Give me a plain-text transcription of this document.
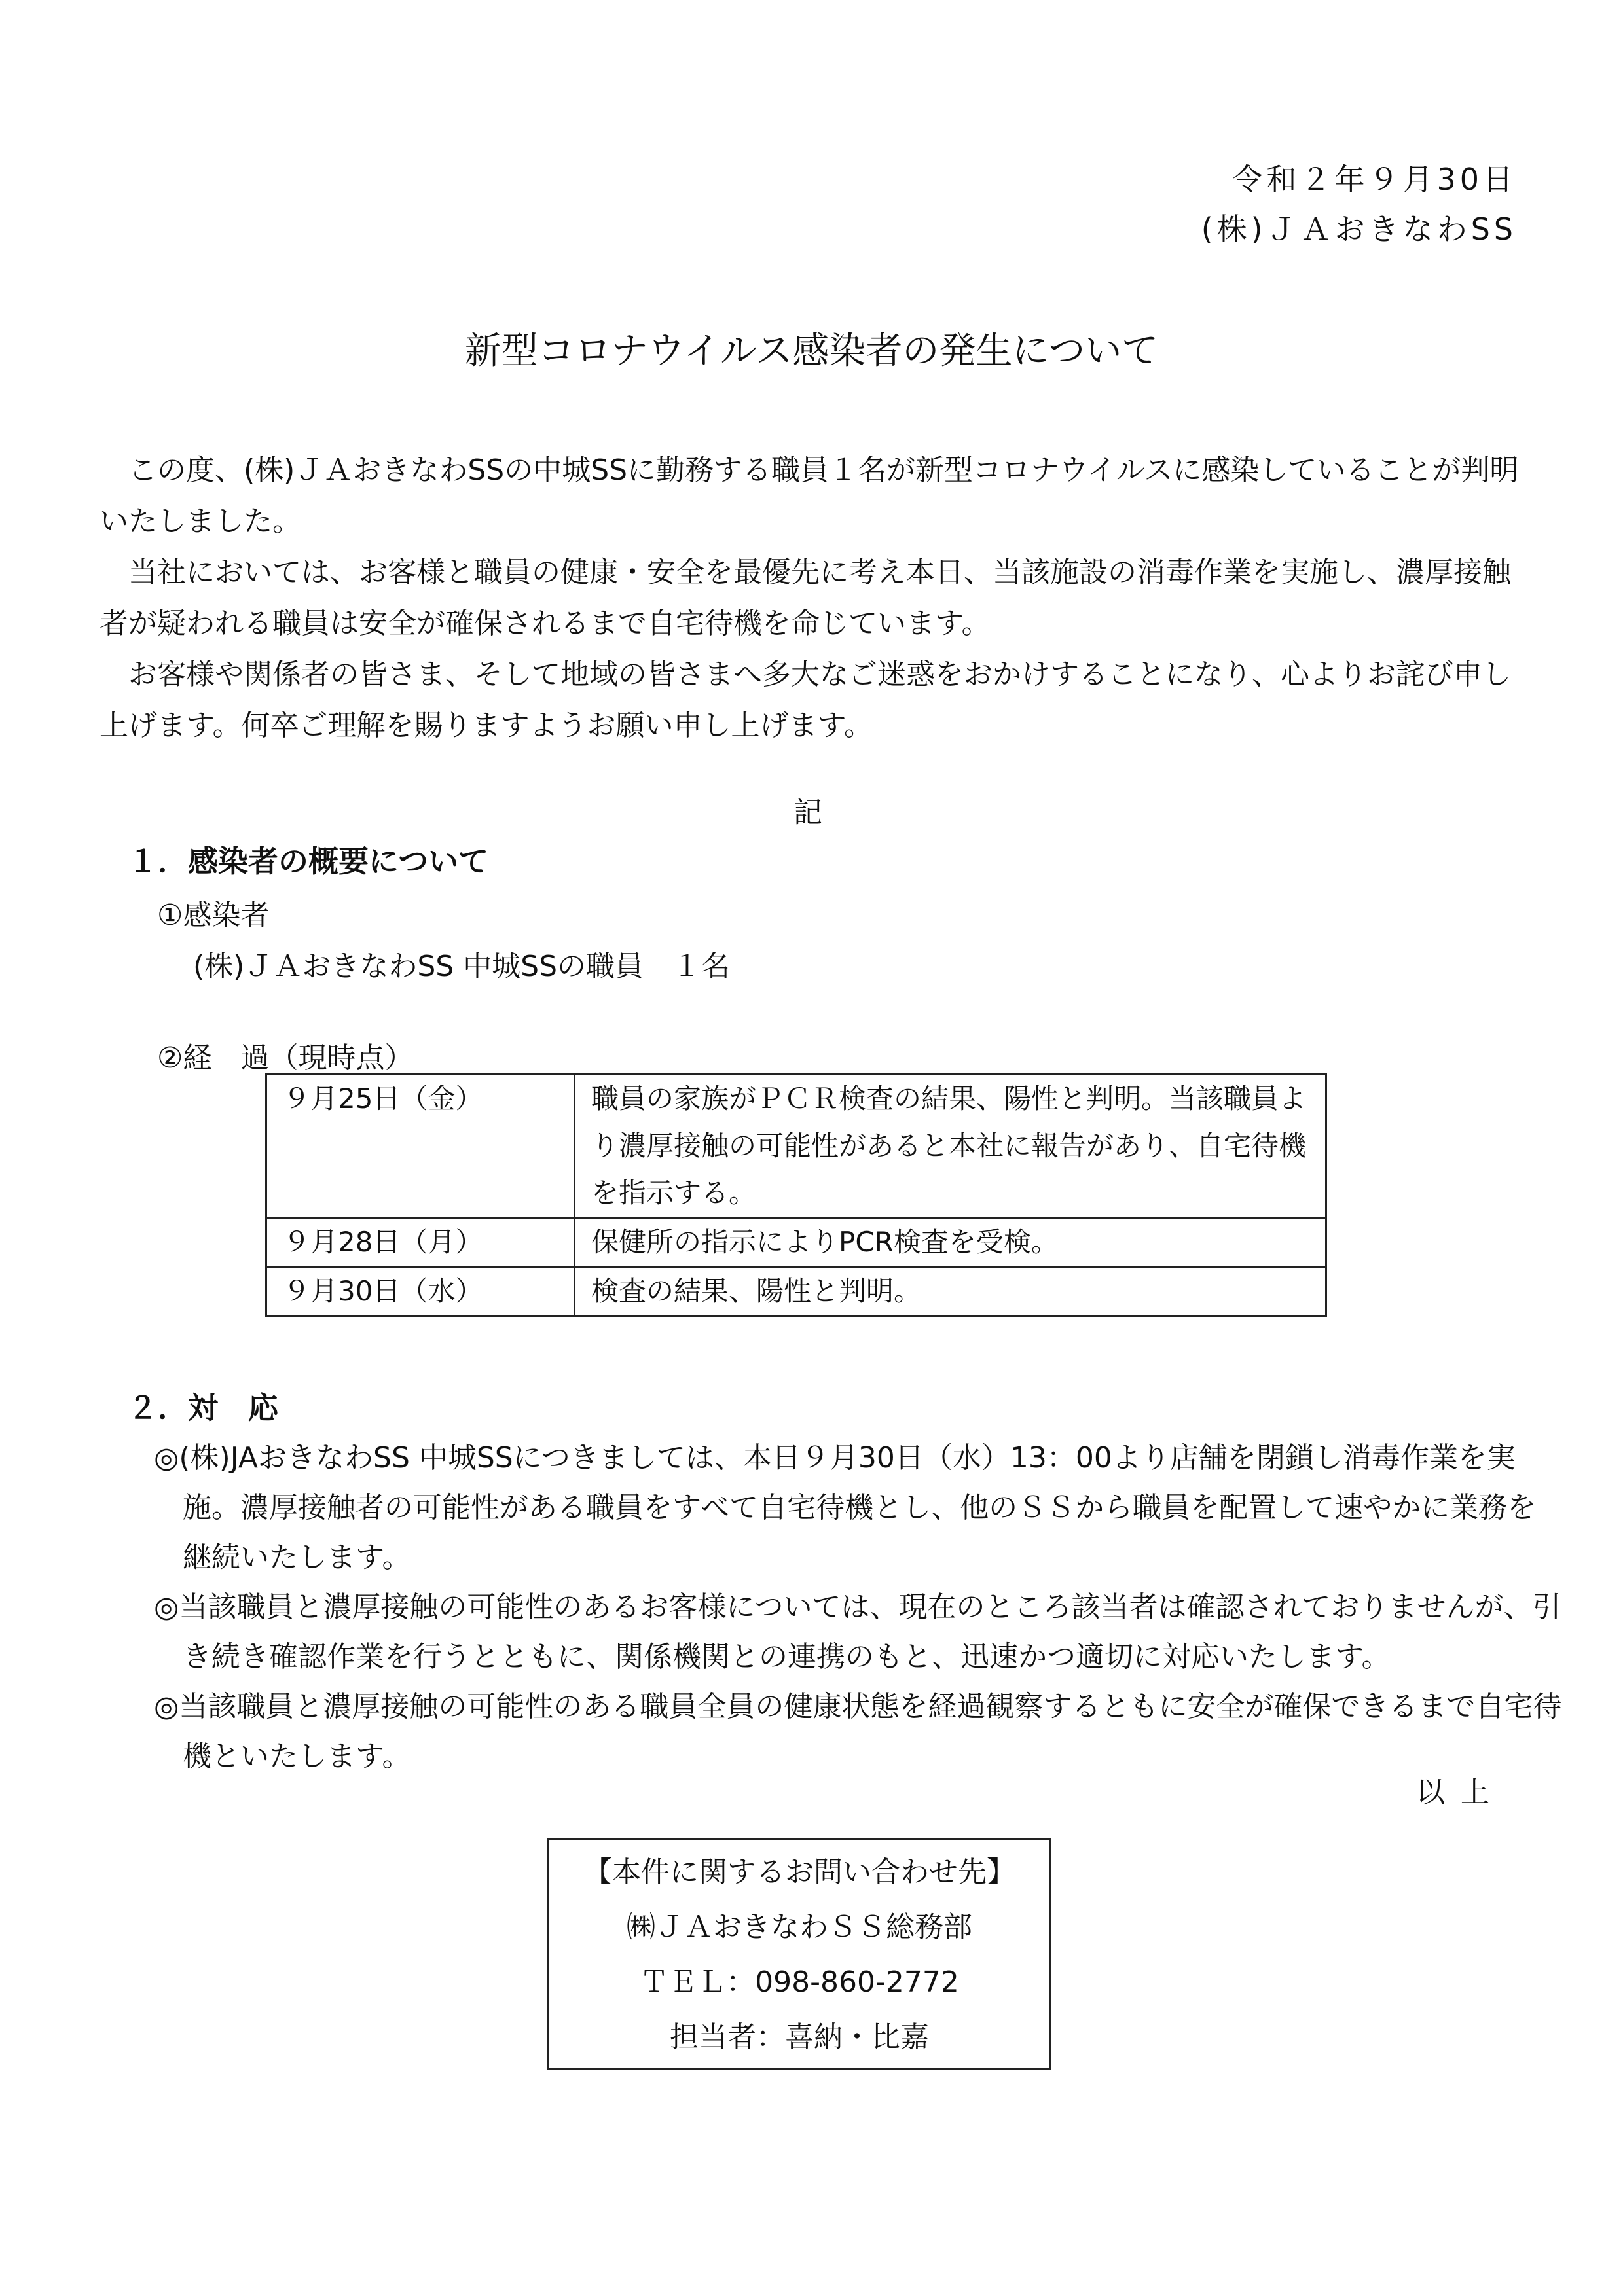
令和２年９月30日
(株)ＪＡおきなわSS
新型コロナウイルス感染者の発生について
この度、(株)ＪＡおきなわSSの中城SSに勤務する職員１名が新型コロナウイルスに感染していることが判明いたしました。
当社においては、お客様と職員の健康・安全を最優先に考え本日、当該施設の消毒作業を実施し、濃厚接触者が疑われる職員は安全が確保されるまで自宅待機を命じています。
お客様や関係者の皆さま、そして地域の皆さまへ多大なご迷惑をおかけすることになり、心よりお詫び申し上げます。何卒ご理解を賜りますようお願い申し上げます。
記
１．感染者の概要について
①感染者
(株)ＪＡおきなわSS 中城SSの職員　１名
②経　過（現時点）
９月25日（金）	職員の家族がＰＣＲ検査の結果、陽性と判明。当該職員より濃厚接触の可能性があると本社に報告があり、自宅待機を指示する。
９月28日（月）	保健所の指示によりPCR検査を受検。
９月30日（水）	検査の結果、陽性と判明。
２．対　応
◎(株)JAおきなわSS 中城SSにつきましては、本日９月30日（水）13：00より店舗を閉鎖し消毒作業を実施。濃厚接触者の可能性がある職員をすべて自宅待機とし、他のＳＳから職員を配置して速やかに業務を継続いたします。
◎当該職員と濃厚接触の可能性のあるお客様については、現在のところ該当者は確認されておりませんが、引き続き確認作業を行うとともに、関係機関との連携のもと、迅速かつ適切に対応いたします。
◎当該職員と濃厚接触の可能性のある職員全員の健康状態を経過観察するともに安全が確保できるまで自宅待機といたします。
以上
【本件に関するお問い合わせ先】
㈱ＪＡおきなわＳＳ総務部
ＴＥＬ：098-860-2772
担当者：喜納・比嘉
